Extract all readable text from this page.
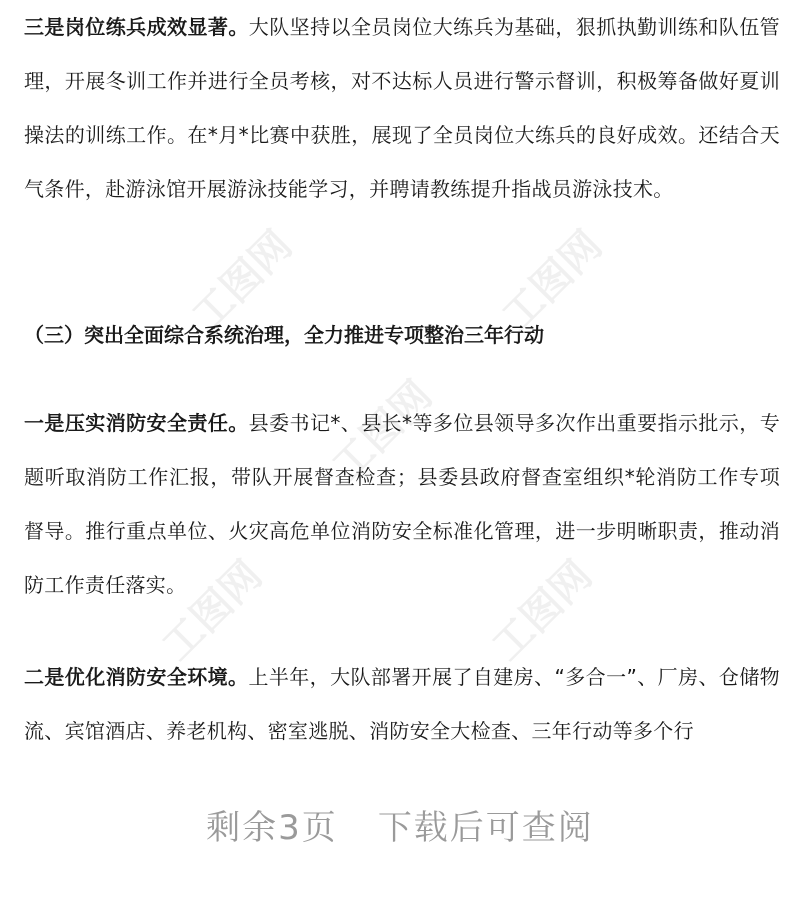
工图网	工图网
工图网
工图网	工图网

三是岗位练兵成效显著。大队坚持以全员岗位大练兵为基础，狠抓执勤训练和队伍管理，开展冬训工作并进行全员考核，对不达标人员进行警示督训，积极筹备做好夏训操法的训练工作。在*月*比赛中获胜，展现了全员岗位大练兵的良好成效。还结合天气条件，赴游泳馆开展游泳技能学习，并聘请教练提升指战员游泳技术。

（三）突出全面综合系统治理，全力推进专项整治三年行动

一是压实消防安全责任。县委书记*、县长*等多位县领导多次作出重要指示批示，专题听取消防工作汇报，带队开展督查检查；县委县政府督查室组织*轮消防工作专项督导。推行重点单位、火灾高危单位消防安全标准化管理，进一步明晰职责，推动消防工作责任落实。

二是优化消防安全环境。上半年，大队部署开展了自建房、“多合一”、厂房、仓储物流、宾馆酒店、养老机构、密室逃脱、消防安全大检查、三年行动等多个行

剩余3页 下载后可查阅
